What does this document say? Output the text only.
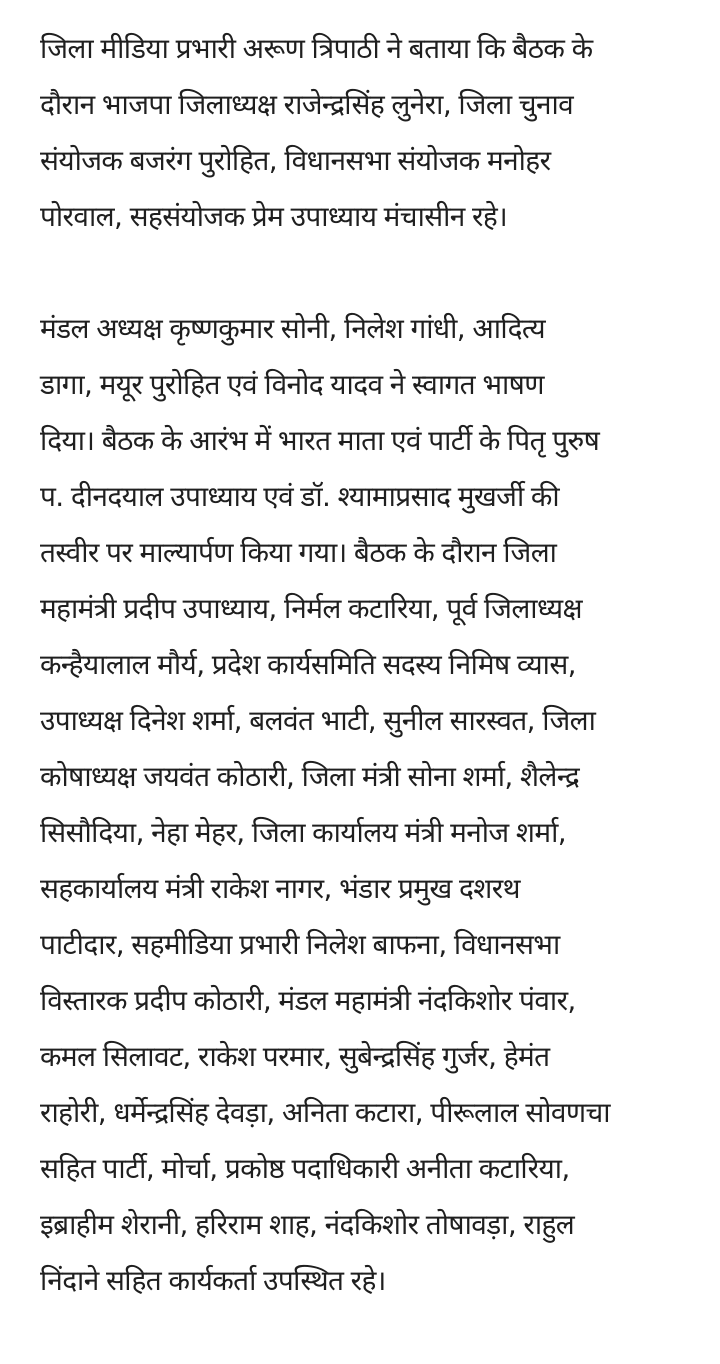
जिला मीडिया प्रभारी अरूण त्रिपाठी ने बताया कि बैठक के
दौरान भाजपा जिलाध्यक्ष राजेन्द्रसिंह लुनेरा, जिला चुनाव
संयोजक बजरंग पुरोहित, विधानसभा संयोजक मनोहर
पोरवाल, सहसंयोजक प्रेम उपाध्याय मंचासीन रहे।
मंडल अध्यक्ष कृष्णकुमार सोनी, निलेश गांधी, आदित्य
डागा, मयूर पुरोहित एवं विनोद यादव ने स्वागत भाषण
दिया। बैठक के आरंभ में भारत माता एवं पार्टी के पितृ पुरुष
प. दीनदयाल उपाध्याय एवं डॉ. श्यामाप्रसाद मुखर्जी की
तस्वीर पर माल्यार्पण किया गया। बैठक के दौरान जिला
महामंत्री प्रदीप उपाध्याय, निर्मल कटारिया, पूर्व जिलाध्यक्ष
कन्हैयालाल मौर्य, प्रदेश कार्यसमिति सदस्य निमिष व्यास,
उपाध्यक्ष दिनेश शर्मा, बलवंत भाटी, सुनील सारस्वत, जिला
कोषाध्यक्ष जयवंत कोठारी, जिला मंत्री सोना शर्मा, शैलेन्द्र
सिसौदिया, नेहा मेहर, जिला कार्यालय मंत्री मनोज शर्मा,
सहकार्यालय मंत्री राकेश नागर, भंडार प्रमुख दशरथ
पाटीदार, सहमीडिया प्रभारी निलेश बाफना, विधानसभा
विस्तारक प्रदीप कोठारी, मंडल महामंत्री नंदकिशोर पंवार,
कमल सिलावट, राकेश परमार, सुबेन्द्रसिंह गुर्जर, हेमंत
राहोरी, धर्मेन्द्रसिंह देवड़ा, अनिता कटारा, पीरूलाल सोवणचा
सहित पार्टी, मोर्चा, प्रकोष्ठ पदाधिकारी अनीता कटारिया,
इब्राहीम शेरानी, हरिराम शाह, नंदकिशोर तोषावड़ा, राहुल
निंदाने सहित कार्यकर्ता उपस्थित रहे।
